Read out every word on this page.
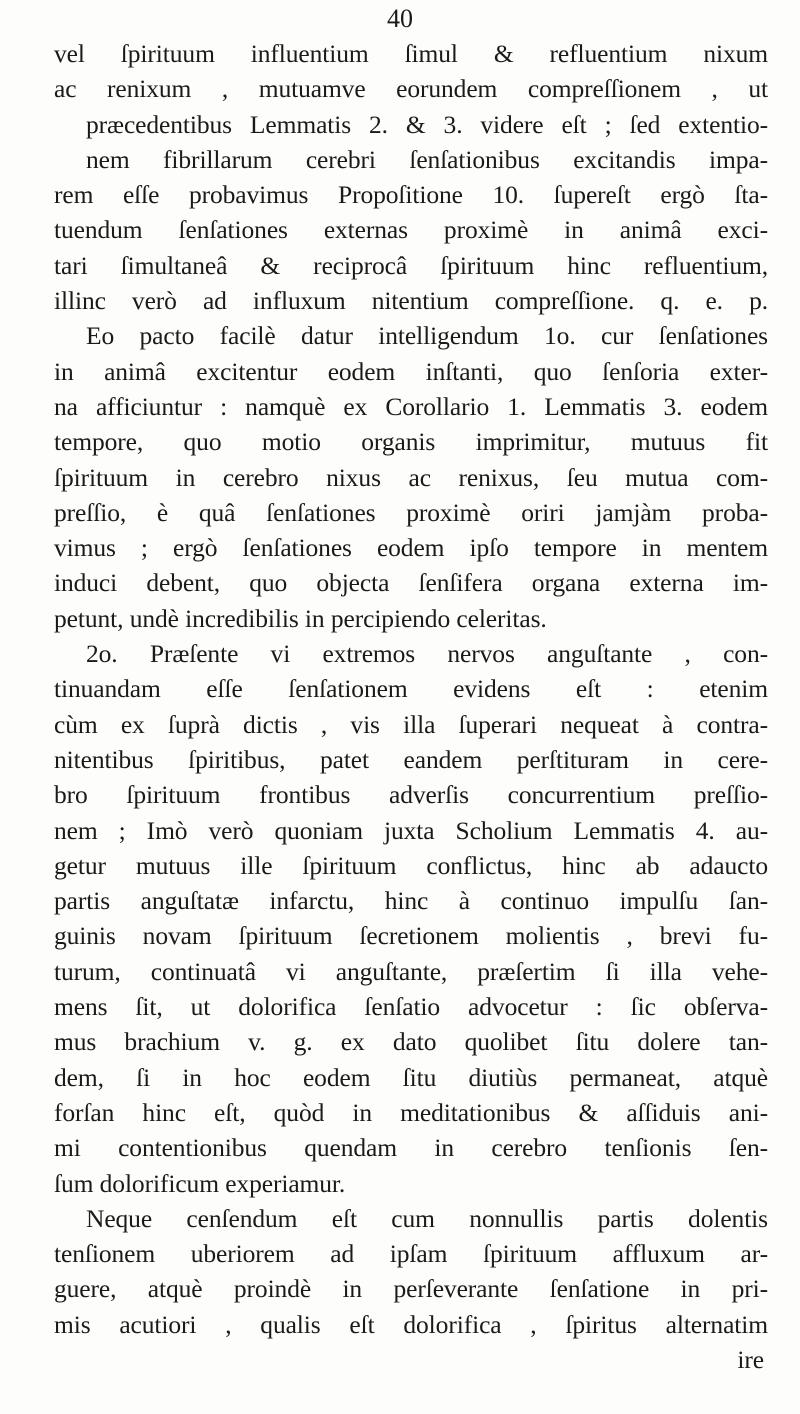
40
vel ſpirituum influentium ſimul & refluentium nixum
ac renixum , mutuamve eorundem compreſſionem , ut
præcedentibus Lemmatis 2. & 3. videre eſt ; ſed extentio-
nem fibrillarum cerebri ſenſationibus excitandis impa-
rem eſſe probavimus Propoſitione 10. ſupereſt ergò ſta-
tuendum ſenſationes externas proximè in animâ exci-
tari ſimultaneâ & reciprocâ ſpirituum hinc refluentium,
illinc verò ad influxum nitentium compreſſione. q. e. p.
Eo pacto facilè datur intelligendum 1o. cur ſenſationes
in animâ excitentur eodem inſtanti, quo ſenſoria exter-
na afficiuntur : namquè ex Corollario 1. Lemmatis 3. eodem
tempore, quo motio organis imprimitur, mutuus fit
ſpirituum in cerebro nixus ac renixus, ſeu mutua com-
preſſio, è quâ ſenſationes proximè oriri jamjàm proba-
vimus ; ergò ſenſationes eodem ipſo tempore in mentem
induci debent, quo objecta ſenſifera organa externa im-
petunt, undè incredibilis in percipiendo celeritas.
2o. Præſente vi extremos nervos anguſtante , con-
tinuandam eſſe ſenſationem evidens eſt : etenim
cùm ex ſuprà dictis , vis illa ſuperari nequeat à contra-
nitentibus ſpiritibus, patet eandem perſtituram in cere-
bro ſpirituum frontibus adverſis concurrentium preſſio-
nem ; Imò verò quoniam juxta Scholium Lemmatis 4. au-
getur mutuus ille ſpirituum conflictus, hinc ab adaucto
partis anguſtatæ infarctu, hinc à continuo impulſu ſan-
guinis novam ſpirituum ſecretionem molientis , brevi fu-
turum, continuatâ vi anguſtante, præſertim ſi illa vehe-
mens ſit, ut dolorifica ſenſatio advocetur : ſic obſerva-
mus brachium v. g. ex dato quolibet ſitu dolere tan-
dem, ſi in hoc eodem ſitu diutiùs permaneat, atquè
forſan hinc eſt, quòd in meditationibus & aſſiduis ani-
mi contentionibus quendam in cerebro tenſionis ſen-
ſum dolorificum experiamur.
Neque cenſendum eſt cum nonnullis partis dolentis
tenſionem uberiorem ad ipſam ſpirituum affluxum ar-
guere, atquè proindè in perſeverante ſenſatione in pri-
mis acutiori , qualis eſt dolorifica , ſpiritus alternatim
ire
